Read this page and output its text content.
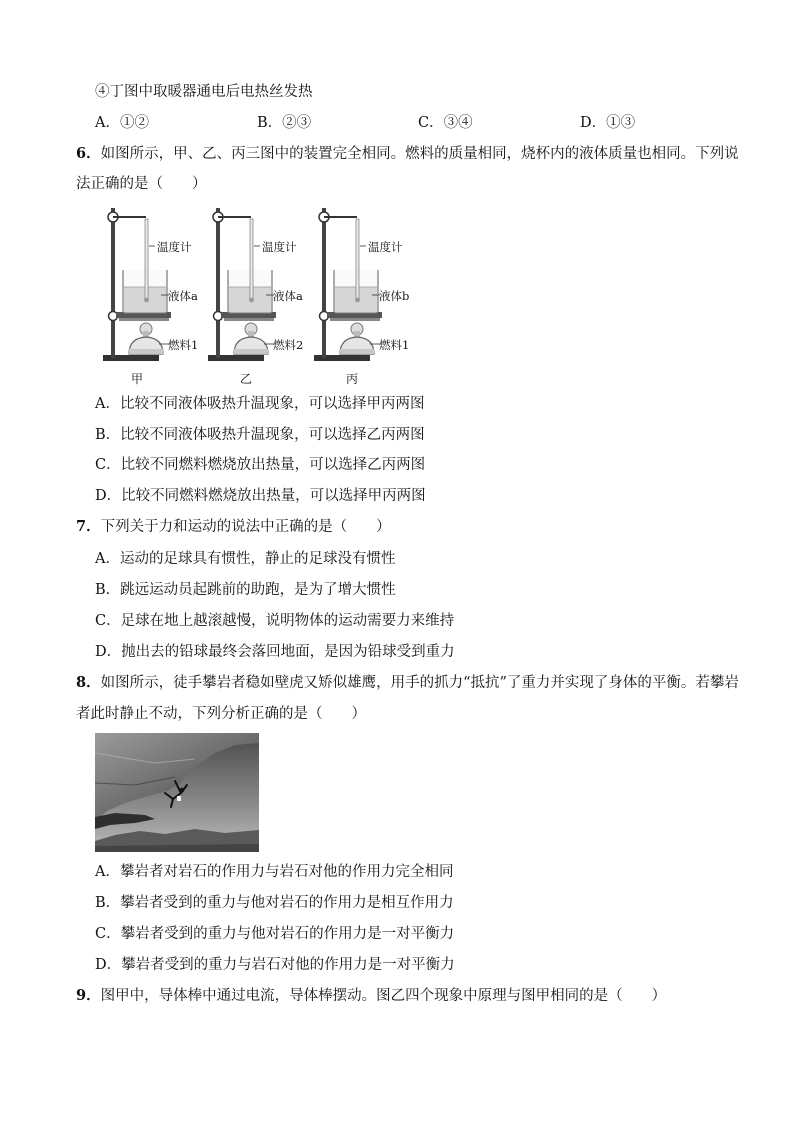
④丁图中取暖器通电后电热丝发热
A．①②	B．②③	C．③④	D．①③
6．如图所示，甲、乙、丙三图中的装置完全相同。燃料的质量相同，烧杯内的液体质量也相同。下列说
法正确的是（　　）
温度计
液体a
燃料1
甲
温度计
液体a
燃料2
乙
温度计
液体b
燃料1
丙
A．比较不同液体吸热升温现象，可以选择甲丙两图
B．比较不同液体吸热升温现象，可以选择乙丙两图
C．比较不同燃料燃烧放出热量，可以选择乙丙两图
D．比较不同燃料燃烧放出热量，可以选择甲丙两图
7．下列关于力和运动的说法中正确的是（　　）
A．运动的足球具有惯性，静止的足球没有惯性
B．跳远运动员起跳前的助跑，是为了增大惯性
C．足球在地上越滚越慢，说明物体的运动需要力来维持
D．抛出去的铅球最终会落回地面，是因为铅球受到重力
8．如图所示，徒手攀岩者稳如壁虎又矫似雄鹰，用手的抓力“抵抗”了重力并实现了身体的平衡。若攀岩
者此时静止不动，下列分析正确的是（　　）
A．攀岩者对岩石的作用力与岩石对他的作用力完全相同
B．攀岩者受到的重力与他对岩石的作用力是相互作用力
C．攀岩者受到的重力与他对岩石的作用力是一对平衡力
D．攀岩者受到的重力与岩石对他的作用力是一对平衡力
9．图甲中，导体棒中通过电流，导体棒摆动。图乙四个现象中原理与图甲相同的是（　　）
